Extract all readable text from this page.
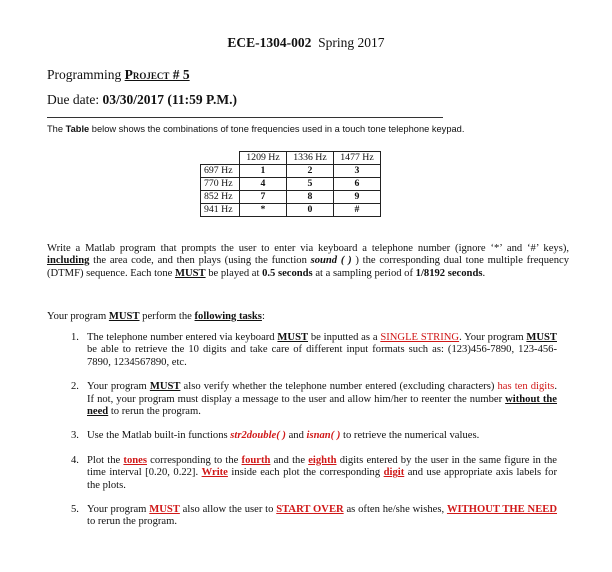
ECE-1304-002 Spring 2017
Programming Project # 5
Due date: 03/30/2017 (11:59 P.M.)
The Table below shows the combinations of tone frequencies used in a touch tone telephone keypad.
	1209 Hz	1336 Hz	1477 Hz
697 Hz	1	2	3
770 Hz	4	5	6
852 Hz	7	8	9
941 Hz	*	0	#
Write a Matlab program that prompts the user to enter via keyboard a telephone number (ignore ‘*’ and ‘#’ keys), including the area code, and then plays (using the function sound ( ) ) the corresponding dual tone multiple frequency (DTMF) sequence. Each tone MUST be played at 0.5 seconds at a sampling period of 1/8192 seconds.
Your program MUST perform the following tasks:
1. The telephone number entered via keyboard MUST be inputted as a SINGLE STRING. Your program MUST be able to retrieve the 10 digits and take care of different input formats such as: (123)456-7890, 123-456-7890, 1234567890, etc.
2. Your program MUST also verify whether the telephone number entered (excluding characters) has ten digits. If not, your program must display a message to the user and allow him/her to reenter the number without the need to rerun the program.
3. Use the Matlab built-in functions str2double( ) and isnan( ) to retrieve the numerical values.
4. Plot the tones corresponding to the fourth and the eighth digits entered by the user in the same figure in the time interval [0.20, 0.22]. Write inside each plot the corresponding digit and use appropriate axis labels for the plots.
5. Your program MUST also allow the user to START OVER as often he/she wishes, WITHOUT THE NEED to rerun the program.
